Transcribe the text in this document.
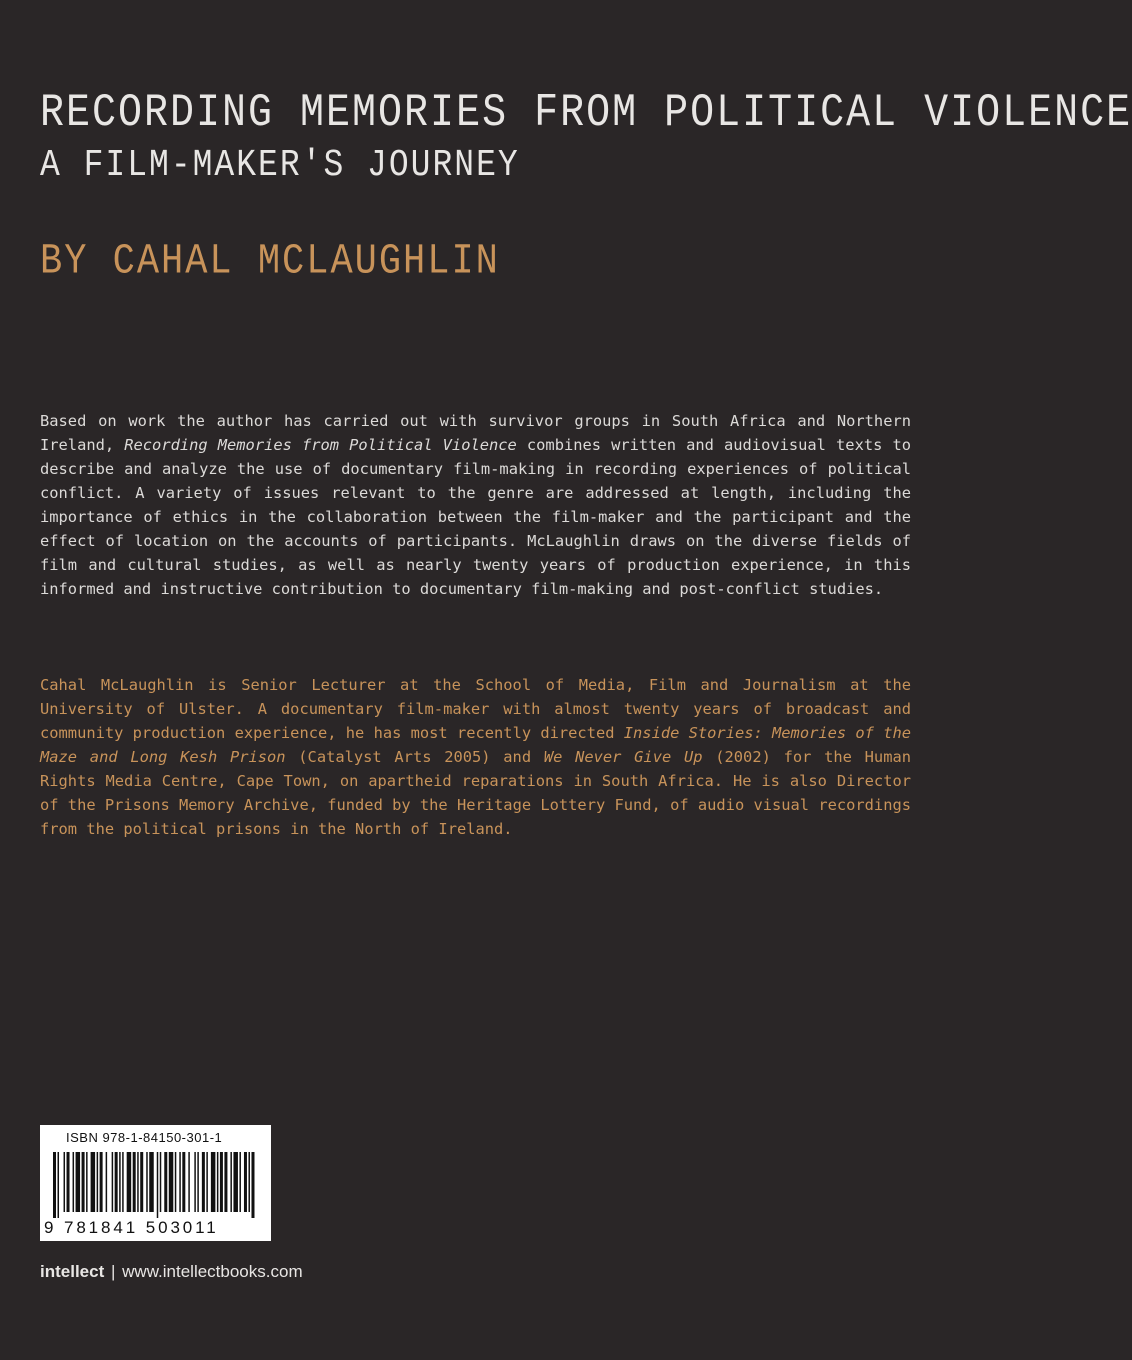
RECORDING MEMORIES FROM POLITICAL VIOLENCE
A FILM-MAKER'S JOURNEY
BY CAHAL MCLAUGHLIN

Based on work the author has carried out with survivor groups in South Africa and Northern Ireland, Recording Memories from Political Violence combines written and audiovisual texts to describe and analyze the use of documentary film-making in recording experiences of political conflict. A variety of issues relevant to the genre are addressed at length, including the importance of ethics in the collaboration between the film-maker and the participant and the effect of location on the accounts of participants. McLaughlin draws on the diverse fields of film and cultural studies, as well as nearly twenty years of production experience, in this informed and instructive contribution to documentary film-making and post-conflict studies.

Cahal McLaughlin is Senior Lecturer at the School of Media, Film and Journalism at the University of Ulster. A documentary film-maker with almost twenty years of broadcast and community production experience, he has most recently directed Inside Stories: Memories of the Maze and Long Kesh Prison (Catalyst Arts 2005) and We Never Give Up (2002) for the Human Rights Media Centre, Cape Town, on apartheid reparations in South Africa. He is also Director of the Prisons Memory Archive, funded by the Heritage Lottery Fund, of audio visual recordings from the political prisons in the North of Ireland.

ISBN 978-1-84150-301-1
9 781841 503011
intellect | www.intellectbooks.com
